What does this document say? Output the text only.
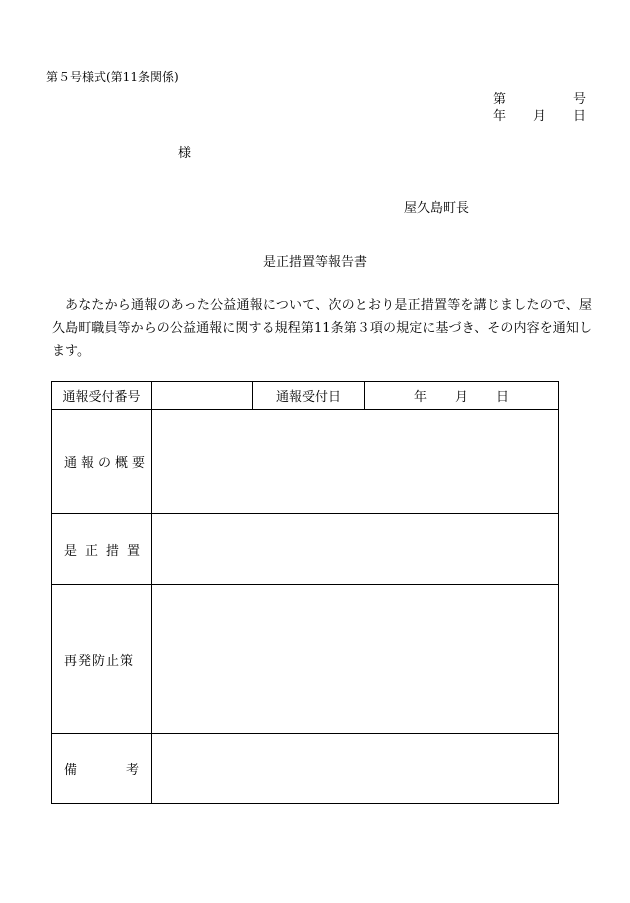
第５号様式(第11条関係)
第	号
年 月 日
様
屋久島町長
是正措置等報告書
あなたから通報のあった公益通報について、次のとおり是正措置等を講じましたので、屋久島町職員等からの公益通報に関する規程第11条第３項の規定に基づき、その内容を通知します。
通報受付番号		通報受付日	年 月 日
通報の概要			
是正措置			
再発防止策			

備 考			
